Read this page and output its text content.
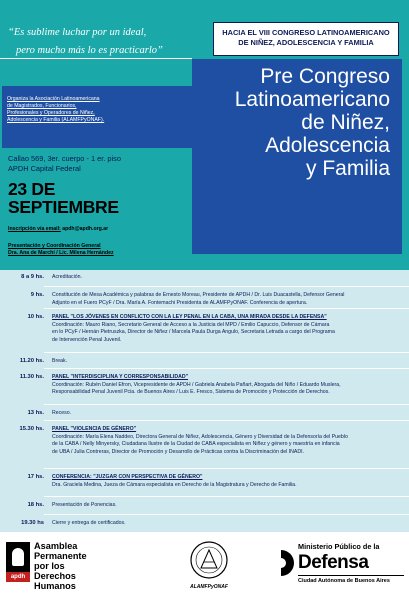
“Es sublime luchar por un ideal,
pero mucho más lo es practicarlo”
HACIA EL VIII CONGRESO LATINOAMERICANO
DE NIÑEZ, ADOLESCENCIA Y FAMILIA
Pre Congreso
Latinoamericano
de Niñez,
Adolescencia
y Familia
Organiza la Asociación Latinoamericana
de Magistrados, Funcionarios,
Profesionales y Operadores de Niñez,
Adolescencia y Familia (ALAMFPyONAF).
Callao 569, 3er. cuerpo - 1 er. piso
APDH Capital Federal
23 DE
SEPTIEMBRE
Inscripción vía email: apdh@apdh.org.ar
Presentación y Coordinación General
Dra. Ana de Marchi / Lic. Milena Hernández
8 a 9 hs. Acreditación.
9 hs. Constitución de Mesa Académica y palabras de Ernesto Moreau, Presidente de APDH / Dr. Luis Duacastella, Defensor General
Adjunto en el Fuero PCyF / Dra. María A. Fontemachi Presidenta de ALAMFPyONAF. Conferencia de apertura.
10 hs. PANEL "LOS JÓVENES EN CONFLICTO CON LA LEY PENAL EN LA CABA, UNA MIRADA DESDE LA DEFENSA"
Coordinación: Mauro Riano, Secretario General de Acceso a la Justicia del MPD / Emilio Capuccio, Defensor de Cámara
en lo PCyF / Hernán Pietruszka, Director de Niñez / Marcela Paula Durga Angulo, Secretaria Letrada a cargo del Programa
de Intervención Penal Juvenil.
11.20 hs. Break.
11.30 hs. PANEL "INTERDISCIPLINA Y CORRESPONSABILIDAD"
Coordinación: Rubén Daniel Efron, Vicepresidente de APDH / Gabriela Anabela Pañart, Abogada del Niño / Eduardo Muslera,
Responsabilidad Penal Juvenil Pcia. de Buenos Aires / Luis E. Fresco, Sistema de Promoción y Protección de Derechos.
13 hs. Receso.
15.30 hs. PANEL "VIOLENCIA DE GÉNERO"
Coordinación: María Elena Naddeo, Directora General de Niñez, Adolescencia, Género y Diversidad de la Defensoría del Pueblo
de la CABA / Nelly Minyersky, Ciudadana Ilustre de la Ciudad de CABA especialista en Niñez y género y maestría en infancia
de UBA / Julia Contreras, Director de Promoción y Desarrollo de Prácticas contra la Discriminación del INADI.
17 hs. CONFERENCIA: "JUZGAR CON PERSPECTIVA DE GÉNERO"
Dra. Graciela Medina, Jueza de Cámara especialista en Derecho de la Magistratura y Derecho de Familia.
18 hs. Presentación de Ponencias.
19.30 hs Cierre y entrega de certificados.
apdh
Asamblea
Permanente
por los
Derechos
Humanos	ALAMFPyONAF
Ministerio Público de la
Defensa
Ciudad Autónoma de Buenos Aires
